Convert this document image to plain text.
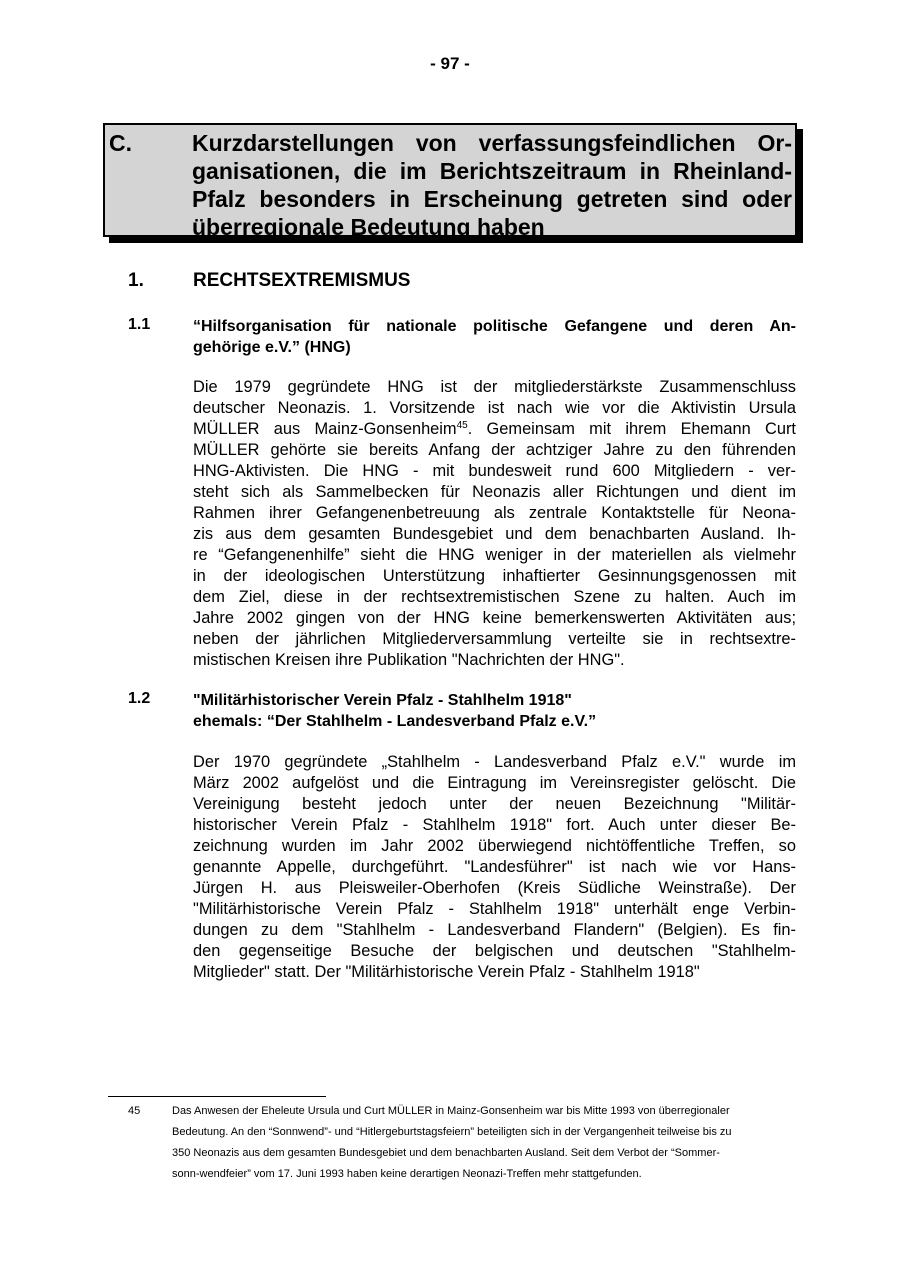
- 97 -
C.	Kurzdarstellungen von verfassungsfeindlichen Or-
ganisationen, die im Berichtszeitraum in Rheinland-
Pfalz besonders in Erscheinung getreten sind oder
überregionale Bedeutung haben
1.	RECHTSEXTREMISMUS
1.1	“Hilfsorganisation für nationale politische Gefangene und deren An-
gehörige e.V.” (HNG)

Die 1979 gegründete HNG ist der mitgliederstärkste Zusammenschluss
deutscher Neonazis. 1. Vorsitzende ist nach wie vor die Aktivistin Ursula
MÜLLER aus Mainz-Gonsenheim$^{45}$. Gemeinsam mit ihrem Ehemann Curt
MÜLLER gehörte sie bereits Anfang der achtziger Jahre zu den führenden
HNG-Aktivisten. Die HNG - mit bundesweit rund 600 Mitgliedern - ver-
steht sich als Sammelbecken für Neonazis aller Richtungen und dient im
Rahmen ihrer Gefangenenbetreuung als zentrale Kontaktstelle für Neona-
zis aus dem gesamten Bundesgebiet und dem benachbarten Ausland. Ih-
re “Gefangenenhilfe” sieht die HNG weniger in der materiellen als vielmehr
in der ideologischen Unterstützung inhaftierter Gesinnungsgenossen mit
dem Ziel, diese in der rechtsextremistischen Szene zu halten. Auch im
Jahre 2002 gingen von der HNG keine bemerkenswerten Aktivitäten aus;
neben der jährlichen Mitgliederversammlung verteilte sie in rechtsextre-
mistischen Kreisen ihre Publikation "Nachrichten der HNG".

1.2	"Militärhistorischer Verein Pfalz - Stahlhelm 1918"
ehemals: “Der Stahlhelm - Landesverband Pfalz e.V.”

Der 1970 gegründete „Stahlhelm - Landesverband Pfalz e.V." wurde im
März 2002 aufgelöst und die Eintragung im Vereinsregister gelöscht. Die
Vereinigung besteht jedoch unter der neuen Bezeichnung "Militär-
historischer Verein Pfalz - Stahlhelm 1918" fort. Auch unter dieser Be-
zeichnung wurden im Jahr 2002 überwiegend nichtöffentliche Treffen, so
genannte Appelle, durchgeführt. "Landesführer" ist nach wie vor Hans-
Jürgen H. aus Pleisweiler-Oberhofen (Kreis Südliche Weinstraße). Der
"Militärhistorische Verein Pfalz - Stahlhelm 1918" unterhält enge Verbin-
dungen zu dem "Stahlhelm - Landesverband Flandern" (Belgien). Es fin-
den gegenseitige Besuche der belgischen und deutschen "Stahlhelm-
Mitglieder" statt. Der "Militärhistorische Verein Pfalz - Stahlhelm 1918"

45	Das Anwesen der Eheleute Ursula und Curt MÜLLER in Mainz-Gonsenheim war bis Mitte 1993 von überregionaler
Bedeutung. An den “Sonnwend”- und “Hitlergeburtstagsfeiern” beteiligten sich in der Vergangenheit teilweise bis zu
350 Neonazis aus dem gesamten Bundesgebiet und dem benachbarten Ausland. Seit dem Verbot der “Sommer-
sonn-wendfeier” vom 17. Juni 1993 haben keine derartigen Neonazi-Treffen mehr stattgefunden.
